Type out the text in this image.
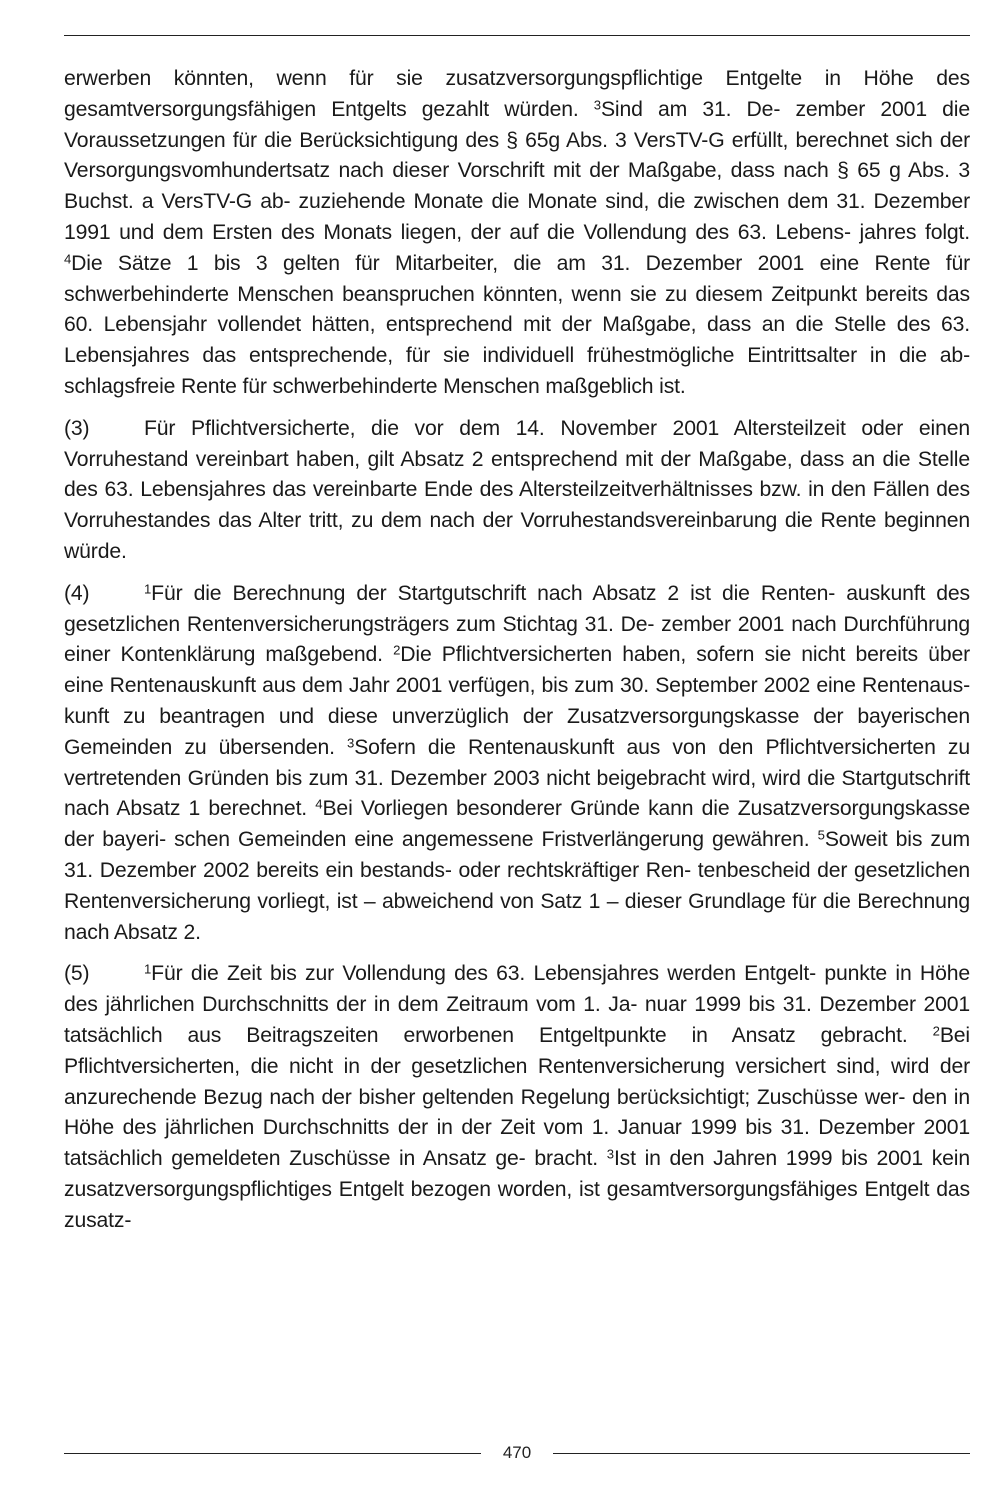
erwerben könnten, wenn für sie zusatzversorgungspflichtige Entgelte in Höhe des gesamtversorgungsfähigen Entgelts gezahlt würden. $^3$Sind am 31. De- zember 2001 die Voraussetzungen für die Berücksichtigung des § 65g Abs. 3 VersTV-G erfüllt, berechnet sich der Versorgungsvomhundertsatz nach dieser Vorschrift mit der Maßgabe, dass nach § 65 g Abs. 3 Buchst. a VersTV-G ab- zuziehende Monate die Monate sind, die zwischen dem 31. Dezember 1991 und dem Ersten des Monats liegen, der auf die Vollendung des 63. Lebens- jahres folgt. $^4$Die Sätze 1 bis 3 gelten für Mitarbeiter, die am 31. Dezember 2001 eine Rente für schwerbehinderte Menschen beanspruchen könnten, wenn sie zu diesem Zeitpunkt bereits das 60. Lebensjahr vollendet hätten, entsprechend mit der Maßgabe, dass an die Stelle des 63. Lebensjahres das entsprechende, für sie individuell frühestmögliche Eintrittsalter in die ab- schlagsfreie Rente für schwerbehinderte Menschen maßgeblich ist.

(3)	Für Pflichtversicherte, die vor dem 14. November 2001 Altersteilzeit oder einen Vorruhestand vereinbart haben, gilt Absatz 2 entsprechend mit der Maßgabe, dass an die Stelle des 63. Lebensjahres das vereinbarte Ende des Altersteilzeitverhältnisses bzw. in den Fällen des Vorruhestandes das Alter tritt, zu dem nach der Vorruhestandsvereinbarung die Rente beginnen würde.

(4)	$^1$Für die Berechnung der Startgutschrift nach Absatz 2 ist die Renten- auskunft des gesetzlichen Rentenversicherungsträgers zum Stichtag 31. De- zember 2001 nach Durchführung einer Kontenklärung maßgebend. $^2$Die Pflichtversicherten haben, sofern sie nicht bereits über eine Rentenauskunft aus dem Jahr 2001 verfügen, bis zum 30. September 2002 eine Rentenaus- kunft zu beantragen und diese unverzüglich der Zusatzversorgungskasse der bayerischen Gemeinden zu übersenden. $^3$Sofern die Rentenauskunft aus von den Pflichtversicherten zu vertretenden Gründen bis zum 31. Dezember 2003 nicht beigebracht wird, wird die Startgutschrift nach Absatz 1 berechnet. $^4$Bei Vorliegen besonderer Gründe kann die Zusatzversorgungskasse der bayeri- schen Gemeinden eine angemessene Fristverlängerung gewähren. $^5$Soweit bis zum 31. Dezember 2002 bereits ein bestands- oder rechtskräftiger Ren- tenbescheid der gesetzlichen Rentenversicherung vorliegt, ist – abweichend von Satz 1 – dieser Grundlage für die Berechnung nach Absatz 2.

(5)	$^1$Für die Zeit bis zur Vollendung des 63. Lebensjahres werden Entgelt- punkte in Höhe des jährlichen Durchschnitts der in dem Zeitraum vom 1. Ja- nuar 1999 bis 31. Dezember 2001 tatsächlich aus Beitragszeiten erworbenen Entgeltpunkte in Ansatz gebracht. $^2$Bei Pflichtversicherten, die nicht in der gesetzlichen Rentenversicherung versichert sind, wird der anzurechende Bezug nach der bisher geltenden Regelung berücksichtigt; Zuschüsse wer- den in Höhe des jährlichen Durchschnitts der in der Zeit vom 1. Januar 1999 bis 31. Dezember 2001 tatsächlich gemeldeten Zuschüsse in Ansatz ge- bracht. $^3$Ist in den Jahren 1999 bis 2001 kein zusatzversorgungspflichtiges Entgelt bezogen worden, ist gesamtversorgungsfähiges Entgelt das zusatz-

470
